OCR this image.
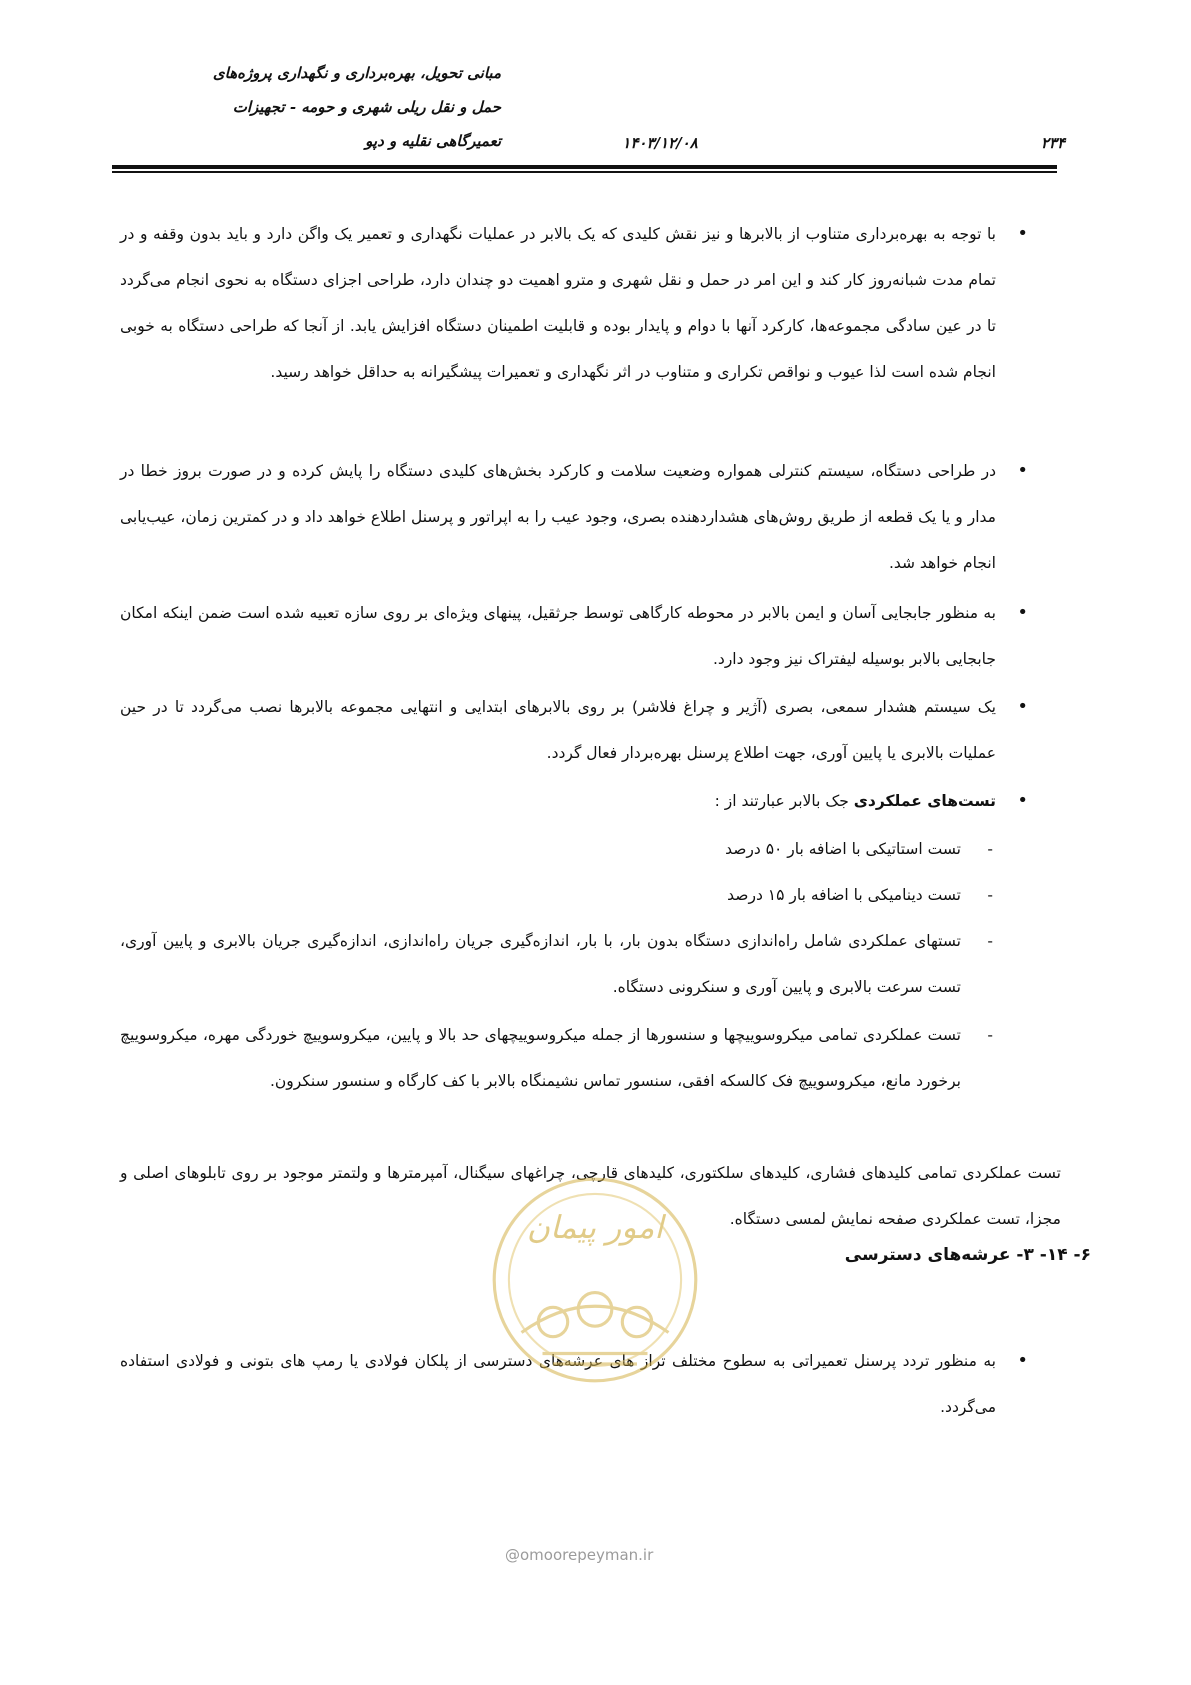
مبانی تحویل، بهره‌برداری و نگهداری پروژه‌های
حمل و نقل ریلی شهری و حومه - تجهیزات
تعمیرگاهی نقلیه و دپو	۱۴۰۳/۱۲/۰۸	۲۳۴
• با توجه به بهره‌برداری متناوب از بالابرها و نیز نقش کلیدی که یک بالابر در عملیات نگهداری و تعمیر یک واگن دارد و باید بدون وقفه و در تمام مدت شبانه‌روز کار کند و این امر در حمل و نقل شهری و مترو اهمیت دو چندان دارد، طراحی اجزای دستگاه به نحوی انجام می‌گردد تا در عین سادگی مجموعه‌ها، کارکرد آنها با دوام و پایدار بوده و قابلیت اطمینان دستگاه افزایش یابد. از آنجا که طراحی دستگاه به خوبی انجام شده است لذا عیوب و نواقص تکراری و متناوب در اثر نگهداری و تعمیرات پیشگیرانه به حداقل خواهد رسید.
• در طراحی دستگاه، سیستم کنترلی همواره وضعیت سلامت و کارکرد بخش‌های کلیدی دستگاه را پایش کرده و در صورت بروز خطا در مدار و یا یک قطعه از طریق روش‌های هشداردهنده بصری، وجود عیب را به اپراتور و پرسنل اطلاع خواهد داد و در کمترین زمان، عیب‌یابی انجام خواهد شد.
• به منظور جابجایی آسان و ایمن بالابر در محوطه کارگاهی توسط جرثقیل، پینهای ویژه‌ای بر روی سازه تعبیه شده است ضمن اینکه امکان جابجایی بالابر بوسیله لیفتراک نیز وجود دارد.
• یک سیستم هشدار سمعی، بصری (آژیر و چراغ فلاشر) بر روی بالابرهای ابتدایی و انتهایی مجموعه بالابرها نصب می‌گردد تا در حین عملیات بالابری یا پایین آوری، جهت اطلاع پرسنل بهره‌بردار فعال گردد.
• تست‌های عملکردی جک بالابر عبارتند از :
- تست استاتیکی با اضافه بار ۵۰ درصد
- تست دینامیکی با اضافه بار ۱۵ درصد
- تستهای عملکردی شامل راه‌اندازی دستگاه بدون بار، با بار، اندازه‌گیری جریان راه‌اندازی، اندازه‌گیری جریان بالابری و پایین آوری، تست سرعت بالابری و پایین آوری و سنکرونی دستگاه.
- تست عملکردی تمامی میکروسوییچها و سنسورها از جمله میکروسوییچهای حد بالا و پایین، میکروسوییچ خوردگی مهره، میکروسوییچ برخورد مانع، میکروسوییچ فک کالسکه افقی، سنسور تماس نشیمنگاه بالابر با کف کارگاه و سنسور سنکرون.
تست عملکردی تمامی کلیدهای فشاری، کلیدهای سلکتوری، کلیدهای قارچی، چراغهای سیگنال، آمپرمترها و ولتمتر موجود بر روی تابلوهای اصلی و مجزا، تست عملکردی صفحه نمایش لمسی دستگاه.
۶- ۱۴- ۳- عرشه‌های دسترسی
• به منظور تردد پرسنل تعمیراتی به سطوح مختلف تراز های عرشه‌های دسترسی از پلکان فولادی یا رمپ های بتونی و فولادی استفاده می‌گردد.
امور پیمان
@omoorepeyman.ir
